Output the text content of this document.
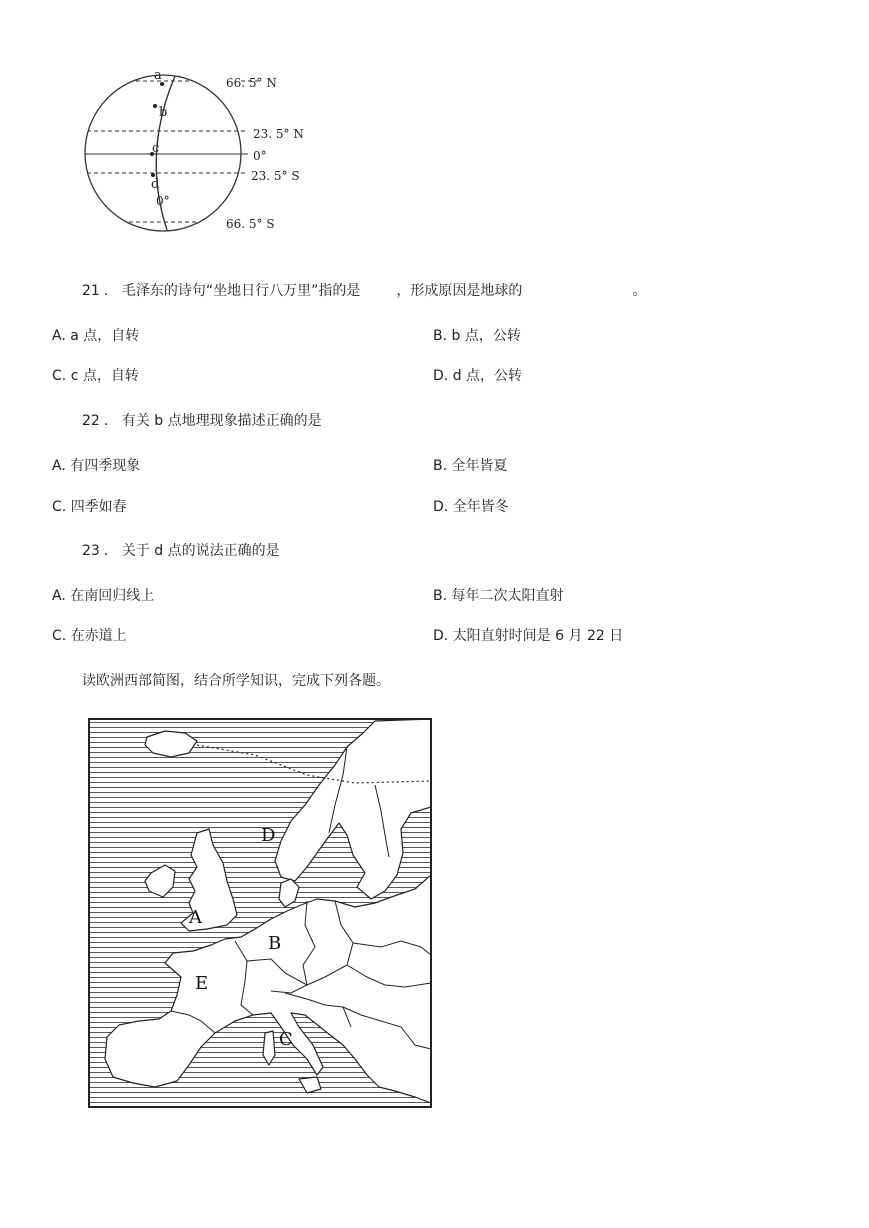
a
b
c
d
0°
66. 5° N
23. 5° N
0°
23. 5° S
66. 5° S
21 ． 毛泽东的诗句“坐地日行八万里”指的是	，形成原因是地球的	。
A. a 点，自转	B. b 点，公转
C. c 点，自转	D. d 点，公转
22 ． 有关 b 点地理现象描述正确的是
A. 有四季现象	B. 全年皆夏
C. 四季如春	D. 全年皆冬
23 ． 关于 d 点的说法正确的是
A. 在南回归线上	B. 每年二次太阳直射
C. 在赤道上	D. 太阳直射时间是 6 月 22 日
读欧洲西部简图，结合所学知识，完成下列各题。
A
B
C
D
E
